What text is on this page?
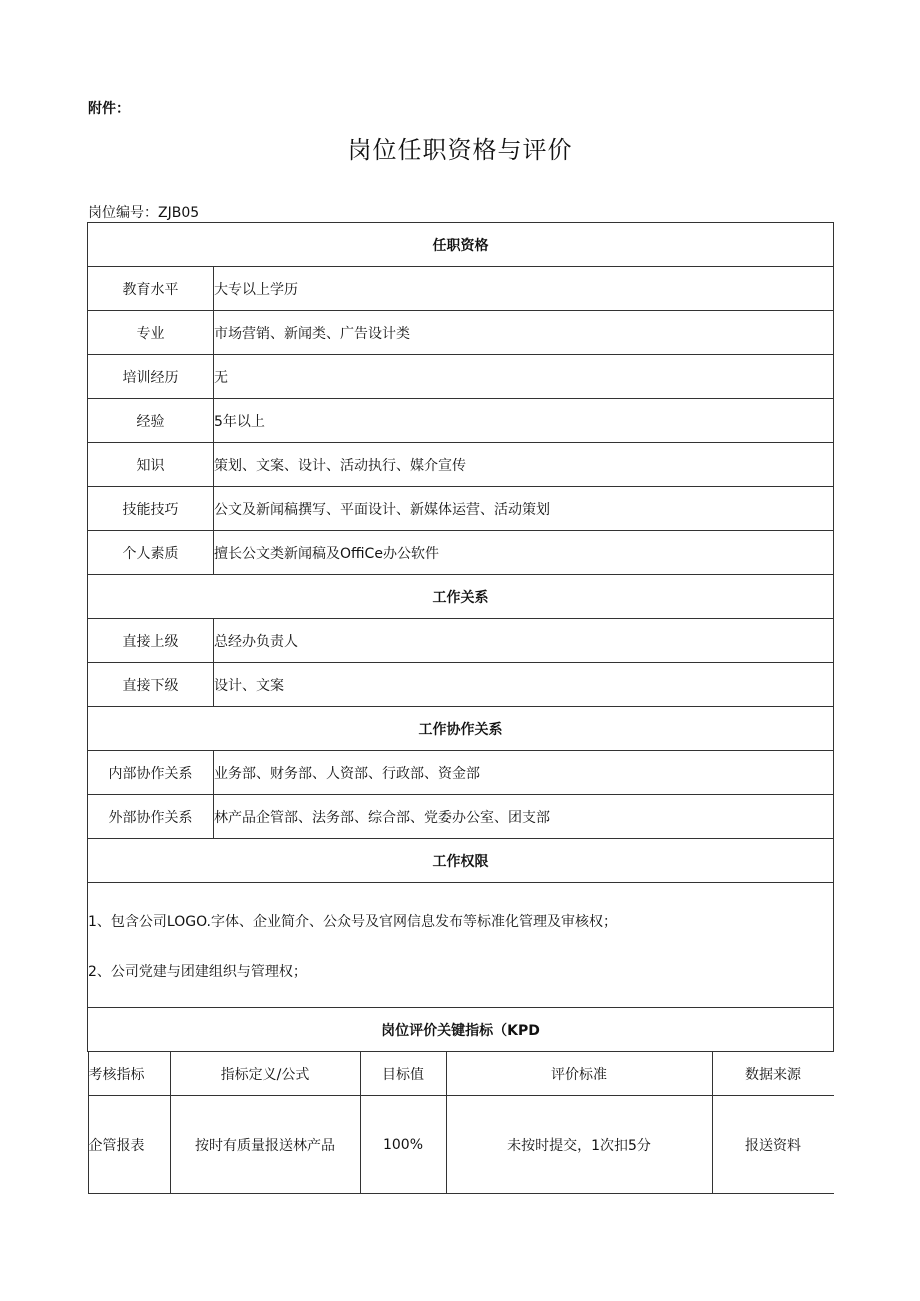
附件：
岗位任职资格与评价
岗位编号：ZJB05
任职资格
教育水平	大专以上学历
专业	市场营销、新闻类、广告设计类
培训经历	无
经验	5年以上
知识	策划、文案、设计、活动执行、媒介宣传
技能技巧	公文及新闻稿撰写、平面设计、新媒体运营、活动策划
个人素质	擅长公文类新闻稿及OffiCe办公软件
工作关系
直接上级	总经办负责人
直接下级	设计、文案
工作协作关系
内部协作关系	业务部、财务部、人资部、行政部、资金部
外部协作关系	林产品企管部、法务部、综合部、党委办公室、团支部
工作权限

1、包含公司LOGO.字体、企业简介、公众号及官网信息发布等标准化管理及审核权；
2、公司党建与团建组织与管理权；

岗位评价关键指标（KPD

考核指标	指标定义/公式	目标值	评价标准	数据来源
企管报表	按时有质量报送林产品	100%	未按时提交，1次扣5分	报送资料
